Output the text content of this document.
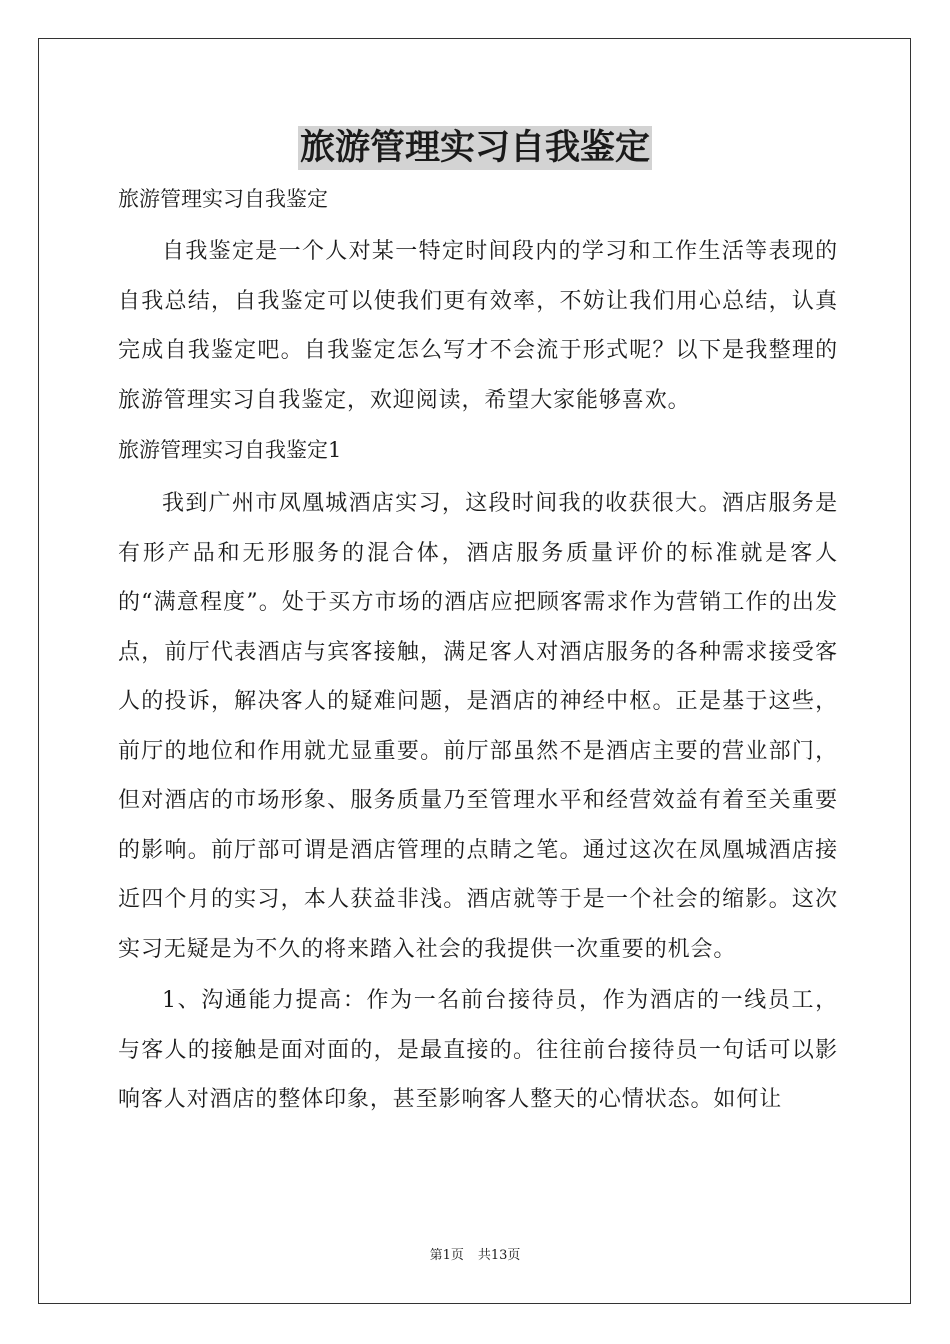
旅游管理实习自我鉴定

旅游管理实习自我鉴定

自我鉴定是一个人对某一特定时间段内的学习和工作生活等表现的自我总结，自我鉴定可以使我们更有效率，不妨让我们用心总结，认真完成自我鉴定吧。自我鉴定怎么写才不会流于形式呢？以下是我整理的旅游管理实习自我鉴定，欢迎阅读，希望大家能够喜欢。

旅游管理实习自我鉴定1

我到广州市凤凰城酒店实习，这段时间我的收获很大。酒店服务是有形产品和无形服务的混合体，酒店服务质量评价的标准就是客人的“满意程度”。处于买方市场的酒店应把顾客需求作为营销工作的出发点，前厅代表酒店与宾客接触，满足客人对酒店服务的各种需求接受客人的投诉，解决客人的疑难问题，是酒店的神经中枢。正是基于这些，前厅的地位和作用就尤显重要。前厅部虽然不是酒店主要的营业部门，但对酒店的市场形象、服务质量乃至管理水平和经营效益有着至关重要的影响。前厅部可谓是酒店管理的点睛之笔。通过这次在凤凰城酒店接近四个月的实习，本人获益非浅。酒店就等于是一个社会的缩影。这次实习无疑是为不久的将来踏入社会的我提供一次重要的机会。

1、沟通能力提高：作为一名前台接待员，作为酒店的一线员工，与客人的接触是面对面的，是最直接的。往往前台接待员一句话可以影响客人对酒店的整体印象，甚至影响客人整天的心情状态。如何让

第1页 共13页
